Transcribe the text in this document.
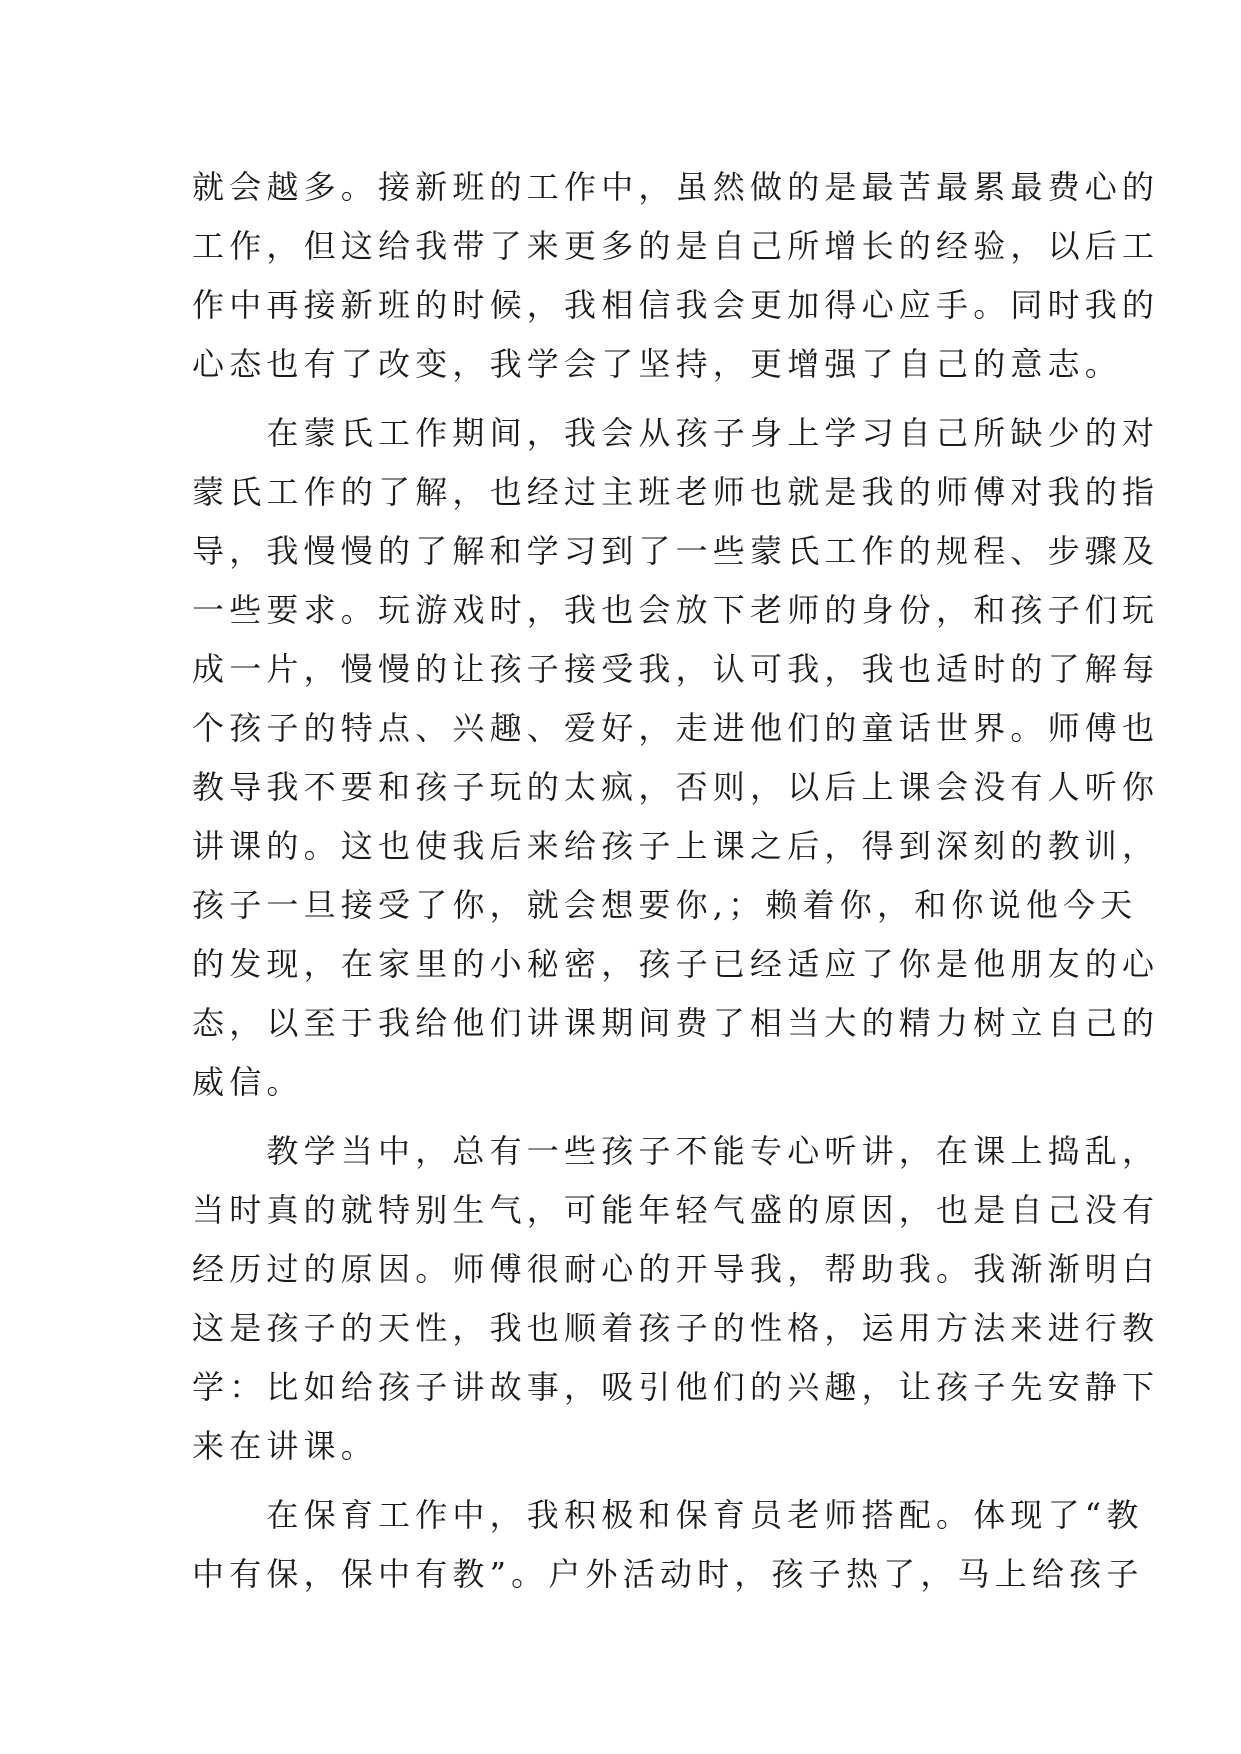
就会越多。接新班的工作中，虽然做的是最苦最累最费心的
工作，但这给我带了来更多的是自己所增长的经验，以后工
作中再接新班的时候，我相信我会更加得心应手。同时我的
心态也有了改变，我学会了坚持，更增强了自己的意志。
　　在蒙氏工作期间，我会从孩子身上学习自己所缺少的对
蒙氏工作的了解，也经过主班老师也就是我的师傅对我的指
导，我慢慢的了解和学习到了一些蒙氏工作的规程、步骤及
一些要求。玩游戏时，我也会放下老师的身份，和孩子们玩
成一片，慢慢的让孩子接受我，认可我，我也适时的了解每
个孩子的特点、兴趣、爱好，走进他们的童话世界。师傅也
教导我不要和孩子玩的太疯，否则，以后上课会没有人听你
讲课的。这也使我后来给孩子上课之后，得到深刻的教训，
孩子一旦接受了你，就会想要你,；赖着你，和你说他今天
的发现，在家里的小秘密，孩子已经适应了你是他朋友的心
态，以至于我给他们讲课期间费了相当大的精力树立自己的
威信。
　　教学当中，总有一些孩子不能专心听讲，在课上捣乱，
当时真的就特别生气，可能年轻气盛的原因，也是自己没有
经历过的原因。师傅很耐心的开导我，帮助我。我渐渐明白
这是孩子的天性，我也顺着孩子的性格，运用方法来进行教
学：比如给孩子讲故事，吸引他们的兴趣，让孩子先安静下
来在讲课。
　　在保育工作中，我积极和保育员老师搭配。体现了“教
中有保，保中有教”。户外活动时，孩子热了，马上给孩子
